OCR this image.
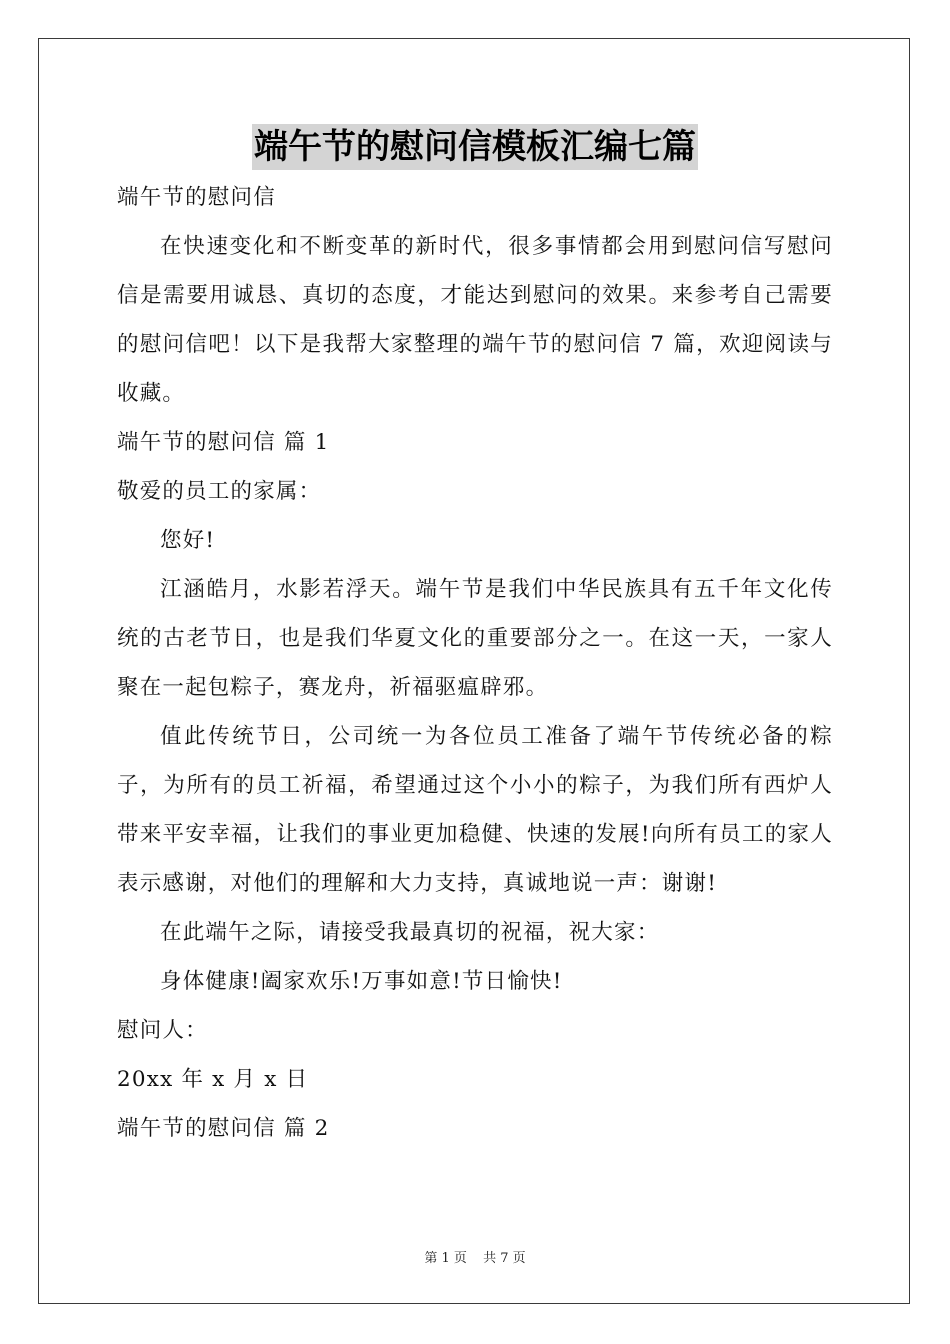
端午节的慰问信模板汇编七篇

端午节的慰问信

在快速变化和不断变革的新时代，很多事情都会用到慰问信写慰问信是需要用诚恳、真切的态度，才能达到慰问的效果。来参考自己需要的慰问信吧！以下是我帮大家整理的端午节的慰问信 7 篇，欢迎阅读与收藏。

端午节的慰问信 篇 1

敬爱的员工的家属：

您好!

江涵皓月，水影若浮天。端午节是我们中华民族具有五千年文化传统的古老节日，也是我们华夏文化的重要部分之一。在这一天，一家人聚在一起包粽子，赛龙舟，祈福驱瘟辟邪。

值此传统节日，公司统一为各位员工准备了端午节传统必备的粽子，为所有的员工祈福，希望通过这个小小的粽子，为我们所有西炉人带来平安幸福，让我们的事业更加稳健、快速的发展!向所有员工的家人表示感谢，对他们的理解和大力支持，真诚地说一声：谢谢!

在此端午之际，请接受我最真切的祝福，祝大家：

身体健康!阖家欢乐!万事如意!节日愉快!

慰问人：

20xx 年 x 月 x 日

端午节的慰问信 篇 2

第 1 页 共 7 页
